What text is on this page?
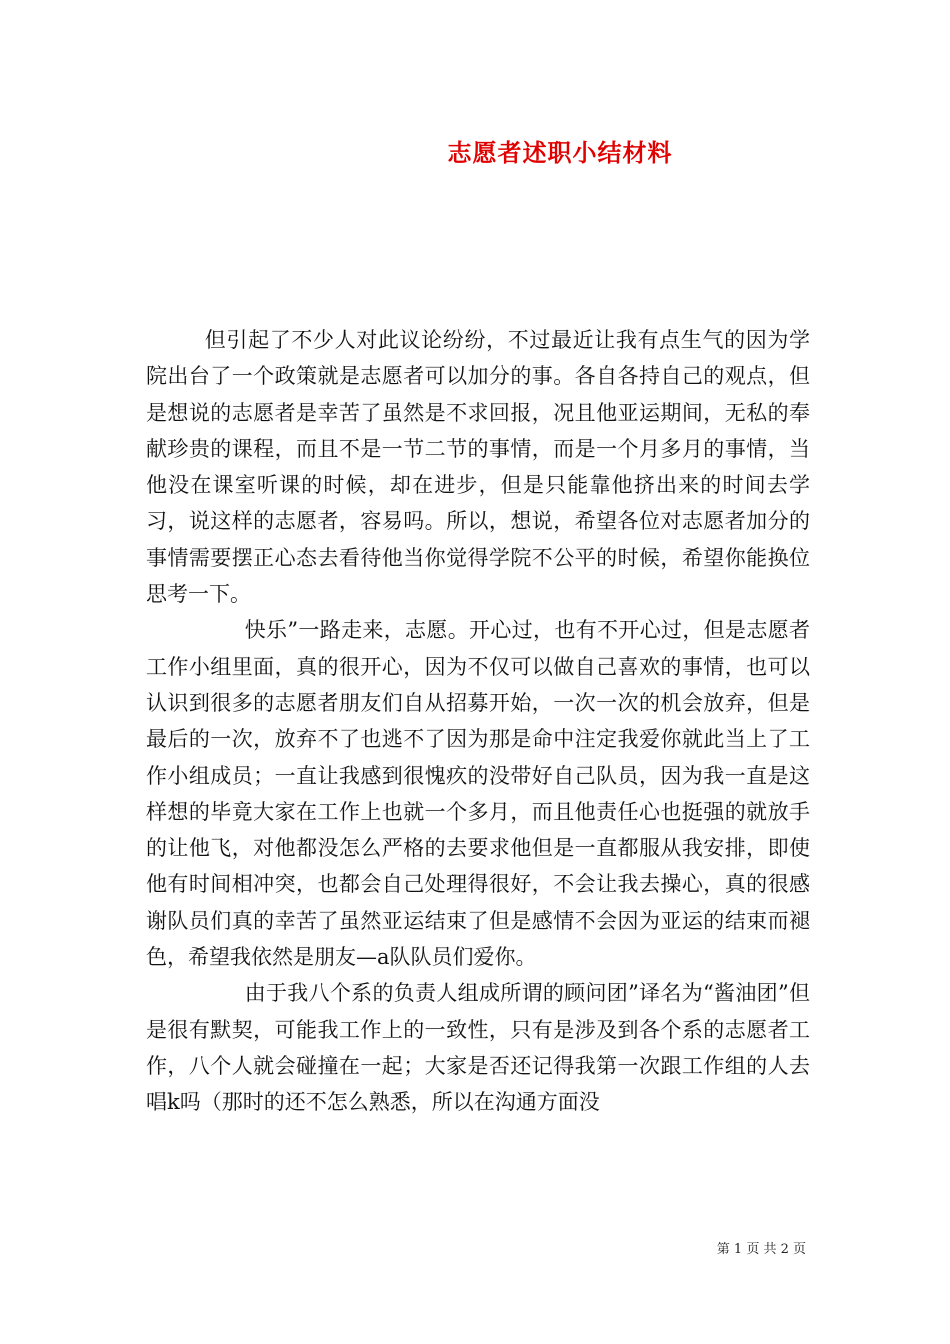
志愿者述职小结材料

但引起了不少人对此议论纷纷，不过最近让我有点生气的因为学院出台了一个政策就是志愿者可以加分的事。各自各持自己的观点，但是想说的志愿者是幸苦了虽然是不求回报，况且他亚运期间，无私的奉献珍贵的课程，而且不是一节二节的事情，而是一个月多月的事情，当他没在课室听课的时候，却在进步，但是只能靠他挤出来的时间去学习，说这样的志愿者，容易吗。所以，想说，希望各位对志愿者加分的事情需要摆正心态去看待他当你觉得学院不公平的时候，希望你能换位思考一下。

快乐”一路走来，志愿。开心过，也有不开心过，但是志愿者工作小组里面，真的很开心，因为不仅可以做自己喜欢的事情，也可以认识到很多的志愿者朋友们自从招募开始，一次一次的机会放弃，但是最后的一次，放弃不了也逃不了因为那是命中注定我爱你就此当上了工作小组成员；一直让我感到很愧疚的没带好自己队员，因为我一直是这样想的毕竟大家在工作上也就一个多月，而且他责任心也挺强的就放手的让他飞，对他都没怎么严格的去要求他但是一直都服从我安排，即使他有时间相冲突，也都会自己处理得很好，不会让我去操心，真的很感谢队员们真的幸苦了虽然亚运结束了但是感情不会因为亚运的结束而褪色，希望我依然是朋友—a队队员们爱你。

由于我八个系的负责人组成所谓的顾问团”译名为“酱油团”但是很有默契，可能我工作上的一致性，只有是涉及到各个系的志愿者工作，八个人就会碰撞在一起；大家是否还记得我第一次跟工作组的人去唱k吗（那时的还不怎么熟悉，所以在沟通方面没

第 1 页 共 2 页
